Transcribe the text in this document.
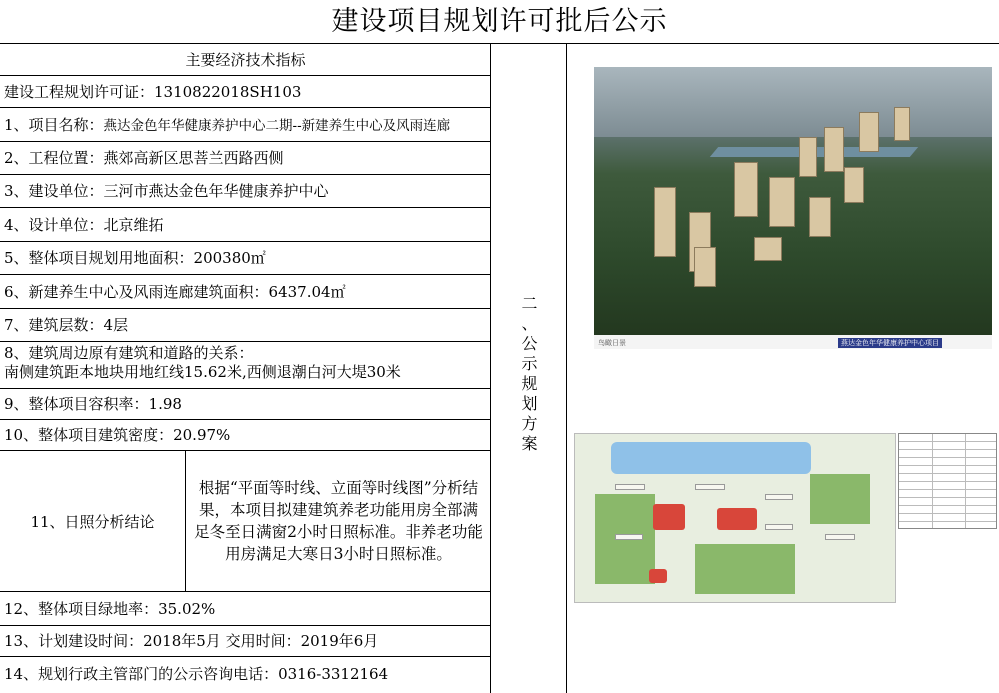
建设项目规划许可批后公示
主要经济技术指标
建设工程规划许可证：1310822018SH103
1、项目名称：燕达金色年华健康养护中心二期--新建养生中心及风雨连廊
2、工程位置：燕郊高新区思菩兰西路西侧
3、建设单位：三河市燕达金色年华健康养护中心
4、设计单位：北京维拓
5、整体项目规划用地面积：200380㎡
6、新建养生中心及风雨连廊建筑面积：6437.04㎡
7、建筑层数：4层
8、建筑周边原有建筑和道路的关系：
南侧建筑距本地块用地红线15.62米,西侧退潮白河大堤30米
9、整体项目容积率：1.98
10、整体项目建筑密度：20.97%
11、日照分析结论
根据“平面等时线、立面等时线图”分析结果，本项目拟建建筑养老功能用房全部满足冬至日满窗2小时日照标准。非养老功能用房满足大寒日3小时日照标准。
12、整体项目绿地率：35.02%
13、计划建设时间：2018年5月 交用时间：2019年6月
14、规划行政主管部门的公示咨询电话：0316-3312164
二
、
公
示
规
划
方
案
鸟瞰日景	燕达金色年华健康养护中心项目
